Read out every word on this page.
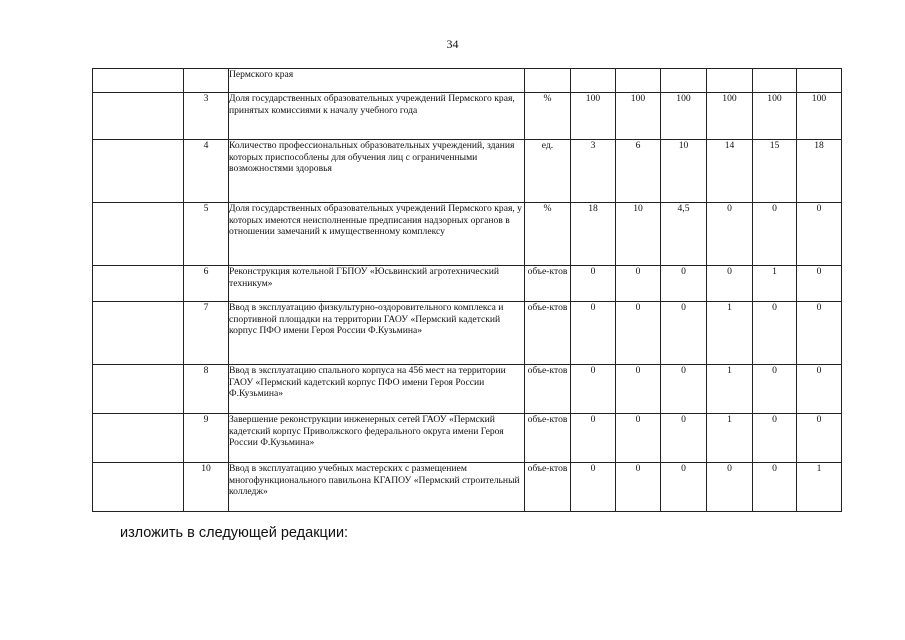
34
		Пермского края							
	3	Доля государственных образовательных учреждений Пермского края, принятых комиссиями к началу учебного года	%	100	100	100	100	100	100
	4	Количество профессиональных образовательных учреждений, здания которых приспособлены для обучения лиц с ограниченными возможностями здоровья	ед.	3	6	10	14	15	18
	5	Доля государственных образовательных учреждений Пермского края, у которых имеются неисполненные предписания надзорных органов в отношении замечаний к имущественному комплексу	%	18	10	4,5	0	0	0
	6	Реконструкция котельной ГБПОУ «Юсьвинский агротехнический техникум»	объе-ктов	0	0	0	0	1	0
	7	Ввод в эксплуатацию физкультурно-оздоровительного комплекса и спортивной площадки на территории ГАОУ «Пермский кадетский корпус ПФО имени Героя России Ф.Кузьмина»	объе-ктов	0	0	0	1	0	0
	8	Ввод в эксплуатацию спального корпуса на 456 мест на территории ГАОУ «Пермский кадетский корпус ПФО имени Героя России Ф.Кузьмина»	объе-ктов	0	0	0	1	0	0
	9	Завершение реконструкции инженерных сетей ГАОУ «Пермский кадетский корпус Приволжского федерального округа имени Героя России Ф.Кузьмина»	объе-ктов	0	0	0	1	0	0
	10	Ввод в эксплуатацию учебных мастерских с размещением многофункционального павильона КГАПОУ «Пермский строительный колледж»	объе-ктов	0	0	0	0	0	1
изложить в следующей редакции:
